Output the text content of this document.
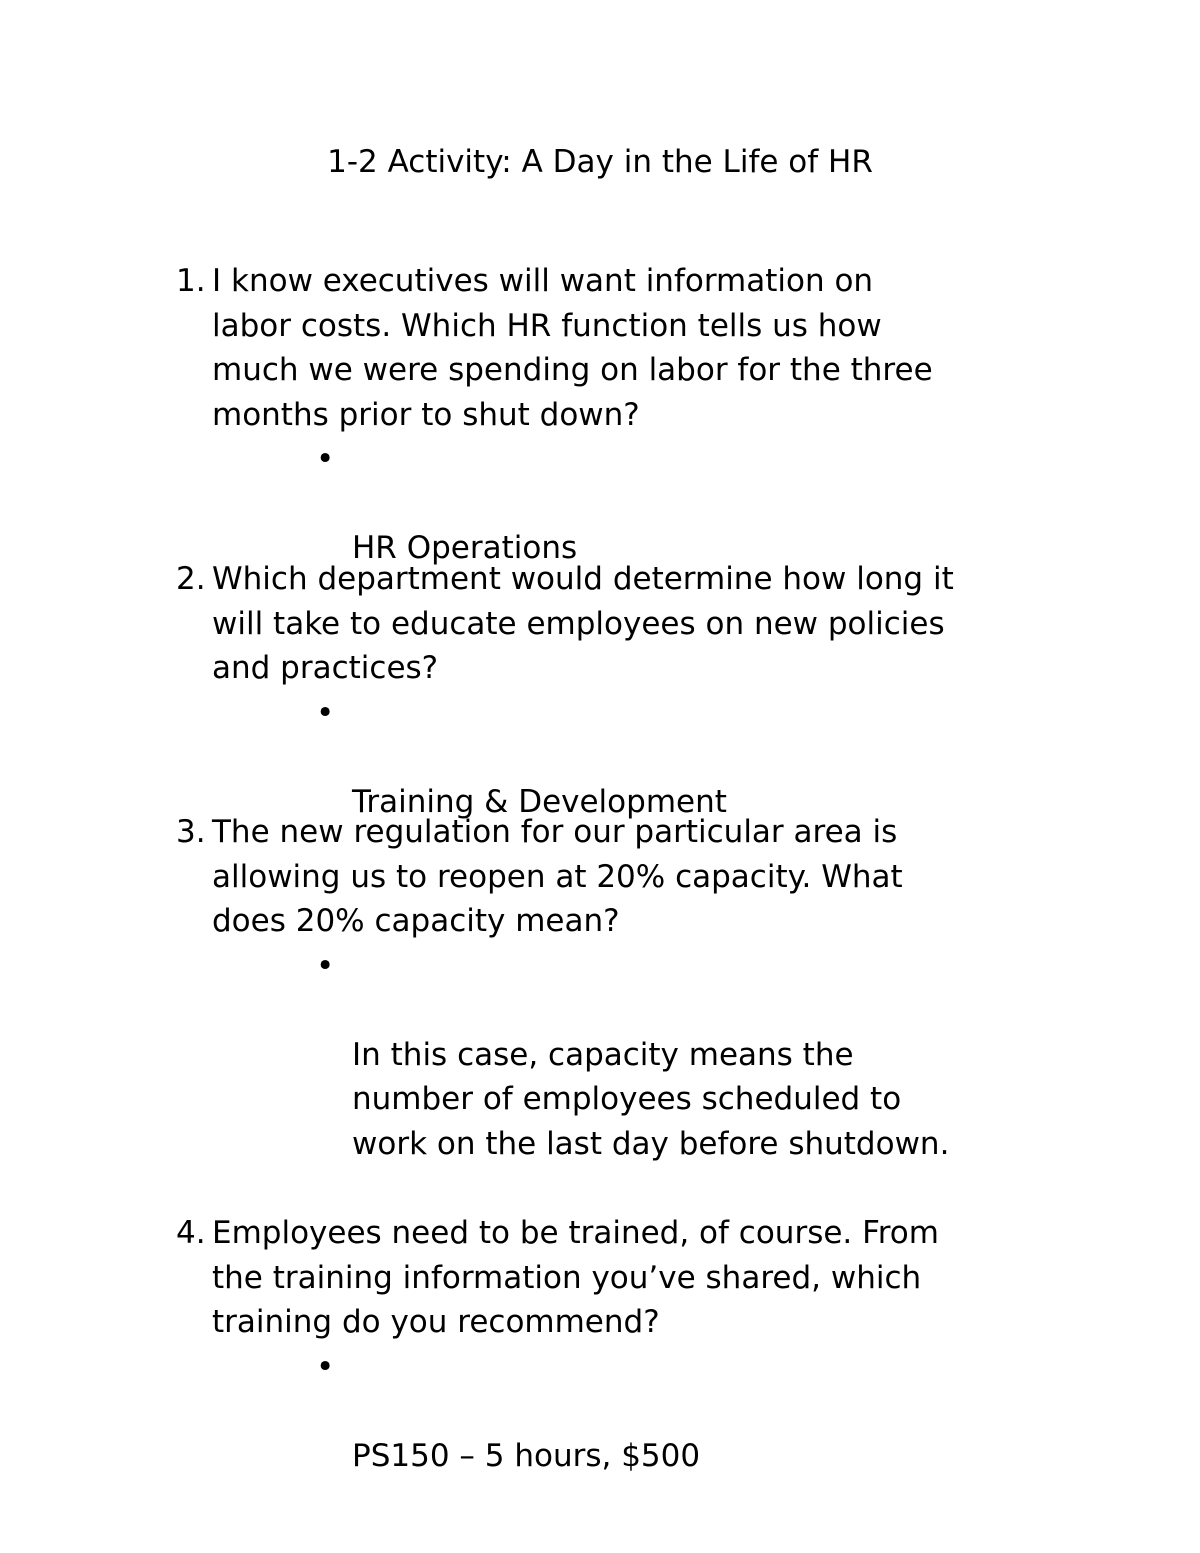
1-2 Activity: A Day in the Life of HR
1. I know executives will want information on
labor costs. Which HR function tells us how
much we were spending on labor for the three
months prior to shut down?

•

HR Operations

2. Which department would determine how long it
will take to educate employees on new policies
and practices?

•

Training & Development

3. The new regulation for our particular area is
allowing us to reopen at 20% capacity. What
does 20% capacity mean?

•

In this case, capacity means the
number of employees scheduled to
work on the last day before shutdown.

4. Employees need to be trained, of course. From
the training information you’ve shared, which
training do you recommend?

•

PS150 – 5 hours, $500
